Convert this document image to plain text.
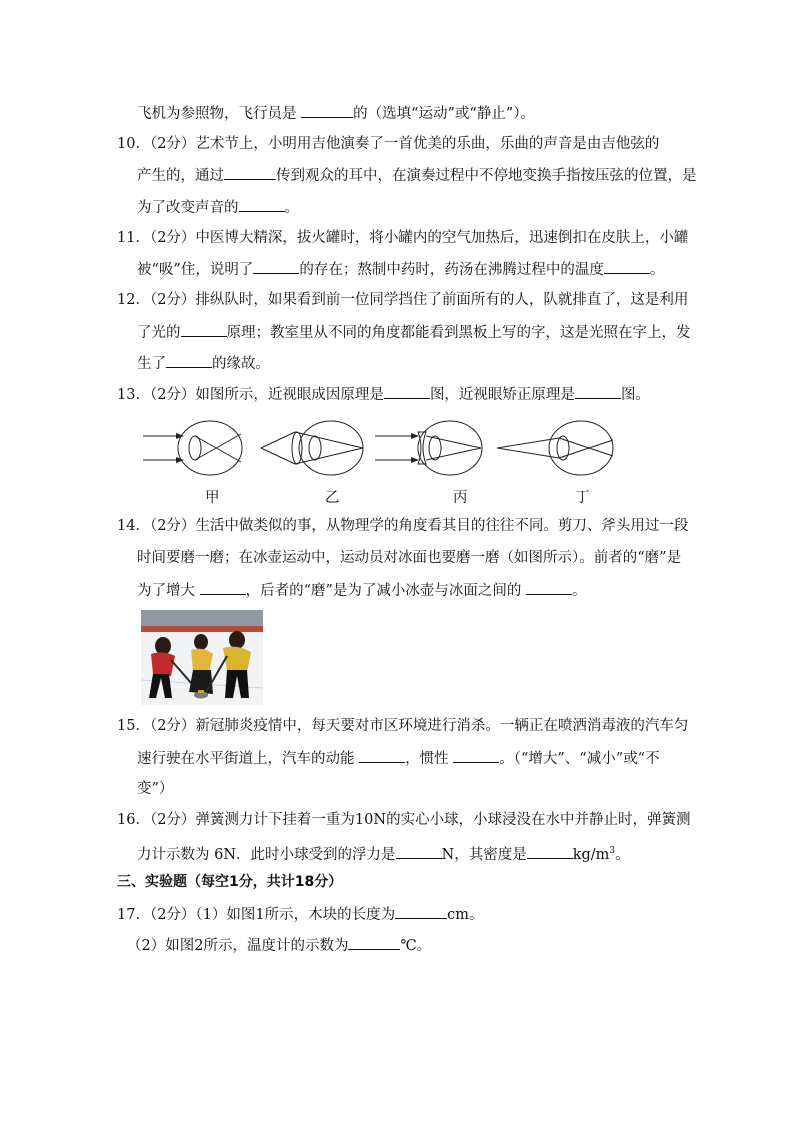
飞机为参照物，飞行员是	的（选填“运动”或“静止”）。
10．（2分）艺术节上，小明用吉他演奏了一首优美的乐曲，乐曲的声音是由吉他弦的
产生的，通过	传到观众的耳中，在演奏过程中不停地变换手指按压弦的位置，是
为了改变声音的	。
11．（2分）中医博大精深，拔火罐时，将小罐内的空气加热后，迅速倒扣在皮肤上，小罐
被“吸”住，说明了	的存在；熬制中药时，药汤在沸腾过程中的温度	。
12．（2分）排纵队时，如果看到前一位同学挡住了前面所有的人，队就排直了，这是利用
了光的	原理；教室里从不同的角度都能看到黑板上写的字，这是光照在字上，发
生了	的缘故。
13．（2分）如图所示，近视眼成因原理是	图，近视眼矫正原理是	图。
甲	乙	丙	丁
14．（2分）生活中做类似的事，从物理学的角度看其目的往往不同。剪刀、斧头用过一段
时间要磨一磨；在冰壶运动中，运动员对冰面也要磨一磨（如图所示）。前者的“磨”是
为了增大	，后者的“磨”是为了减小冰壶与冰面之间的	。
15．（2分）新冠肺炎疫情中，每天要对市区环境进行消杀。一辆正在喷洒消毒液的汽车匀
速行驶在水平街道上，汽车的动能	，惯性	。（“增大”、“减小”或“不
变”）
16．（2分）弹簧测力计下挂着一重为10N的实心小球，小球浸没在水中并静止时，弹簧测
力计示数为 6N．此时小球受到的浮力是	N，其密度是	$kg/m^3$。
三、实验题（每空1分，共计18分）
17．（2分）（1）如图1所示，木块的长度为	cm。
（2）如图2所示，温度计的示数为	℃。
